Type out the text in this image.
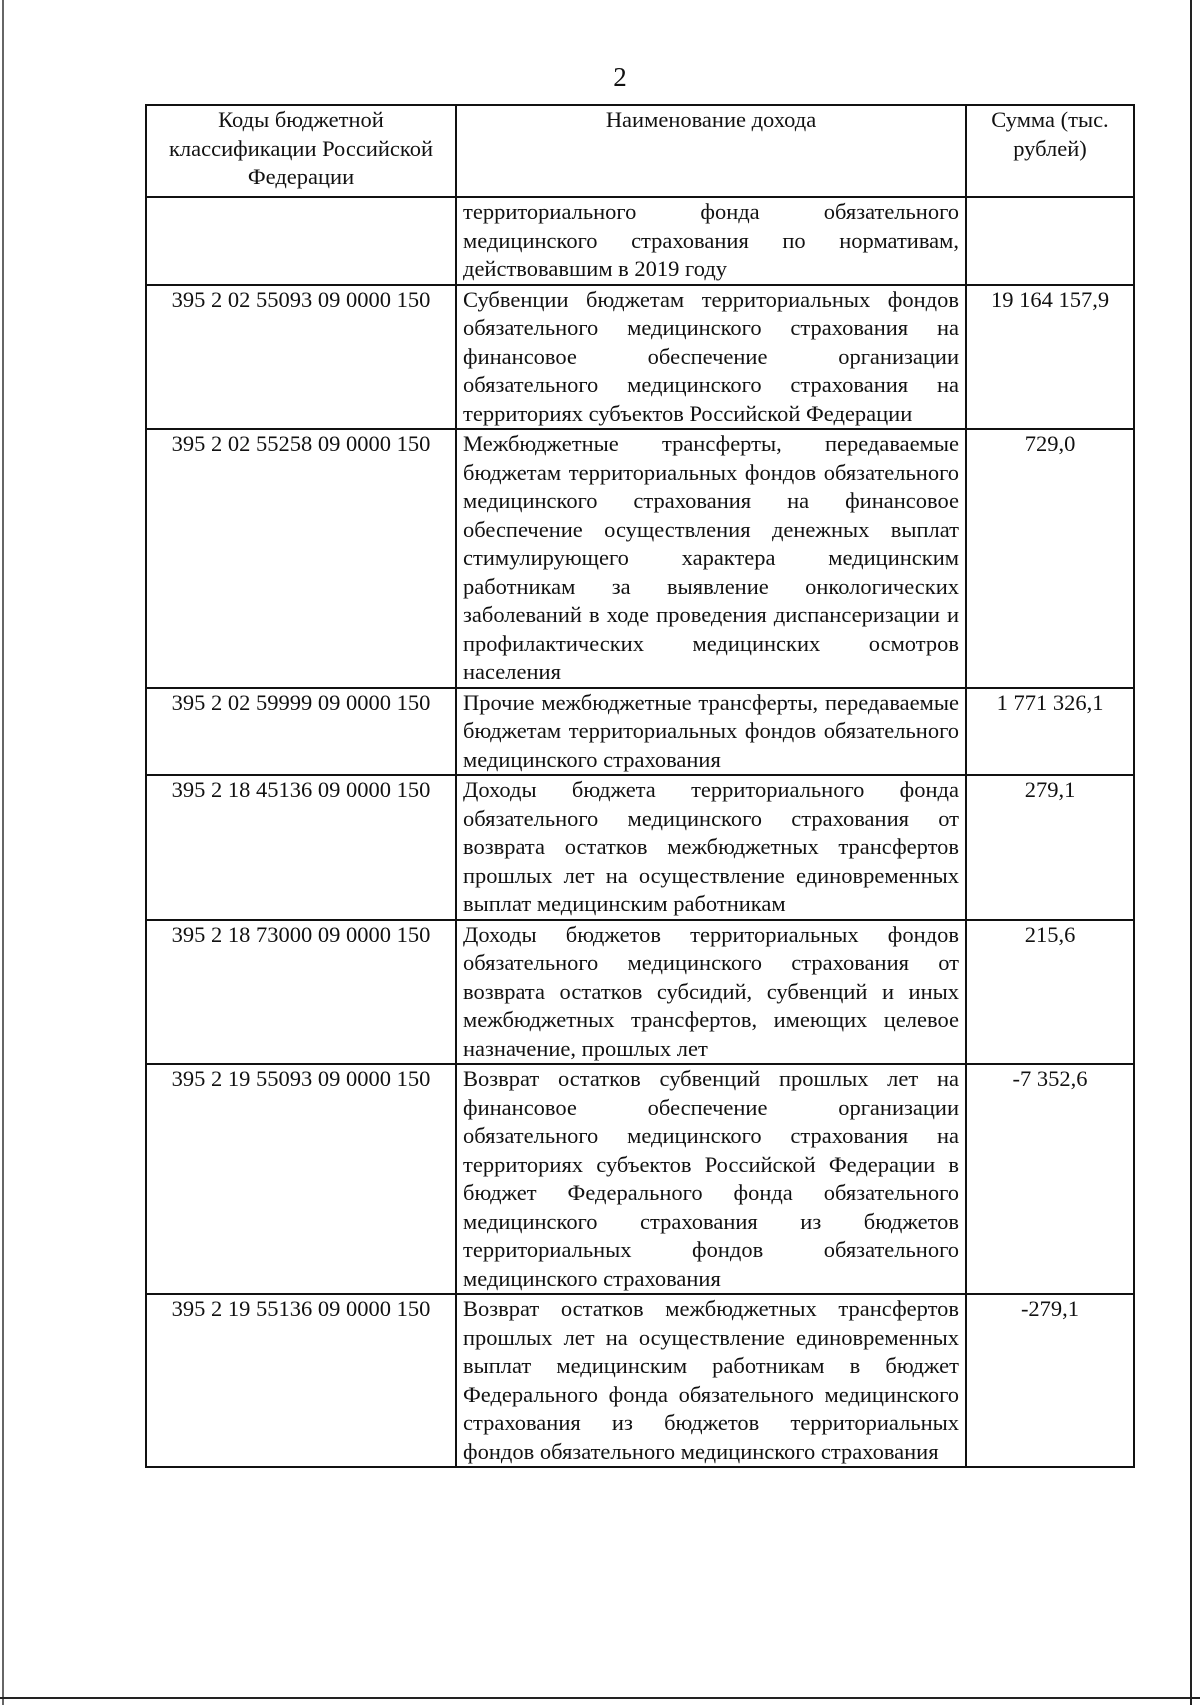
2
Коды бюджетной классификации Российской Федерации	Наименование дохода	Сумма (тыс. рублей)
	территориального фонда обязательного медицинского страхования по нормативам, действовавшим в 2019 году	
395 2 02 55093 09 0000 150	Субвенции бюджетам территориальных фондов обязательного медицинского страхования на финансовое обеспечение организации обязательного медицинского страхования на территориях субъектов Российской Федерации	19 164 157,9
395 2 02 55258 09 0000 150	Межбюджетные трансферты, передаваемые бюджетам территориальных фондов обязательного медицинского страхования на финансовое обеспечение осуществления денежных выплат стимулирующего характера медицинским работникам за выявление онкологических заболеваний в ходе проведения диспансеризации и профилактических медицинских осмотров населения	729,0
395 2 02 59999 09 0000 150	Прочие межбюджетные трансферты, передаваемые бюджетам территориальных фондов обязательного медицинского страхования	1 771 326,1
395 2 18 45136 09 0000 150	Доходы бюджета территориального фонда обязательного медицинского страхования от возврата остатков межбюджетных трансфертов прошлых лет на осуществление единовременных выплат медицинским работникам	279,1
395 2 18 73000 09 0000 150	Доходы бюджетов территориальных фондов обязательного медицинского страхования от возврата остатков субсидий, субвенций и иных межбюджетных трансфертов, имеющих целевое назначение, прошлых лет	215,6
395 2 19 55093 09 0000 150	Возврат остатков субвенций прошлых лет на финансовое обеспечение организации обязательного медицинского страхования на территориях субъектов Российской Федерации в бюджет Федерального фонда обязательного медицинского страхования из бюджетов территориальных фондов обязательного медицинского страхования	-7 352,6
395 2 19 55136 09 0000 150	Возврат остатков межбюджетных трансфертов прошлых лет на осуществление единовременных выплат медицинским работникам в бюджет Федерального фонда обязательного медицинского страхования из бюджетов территориальных фондов обязательного медицинского страхования	-279,1
